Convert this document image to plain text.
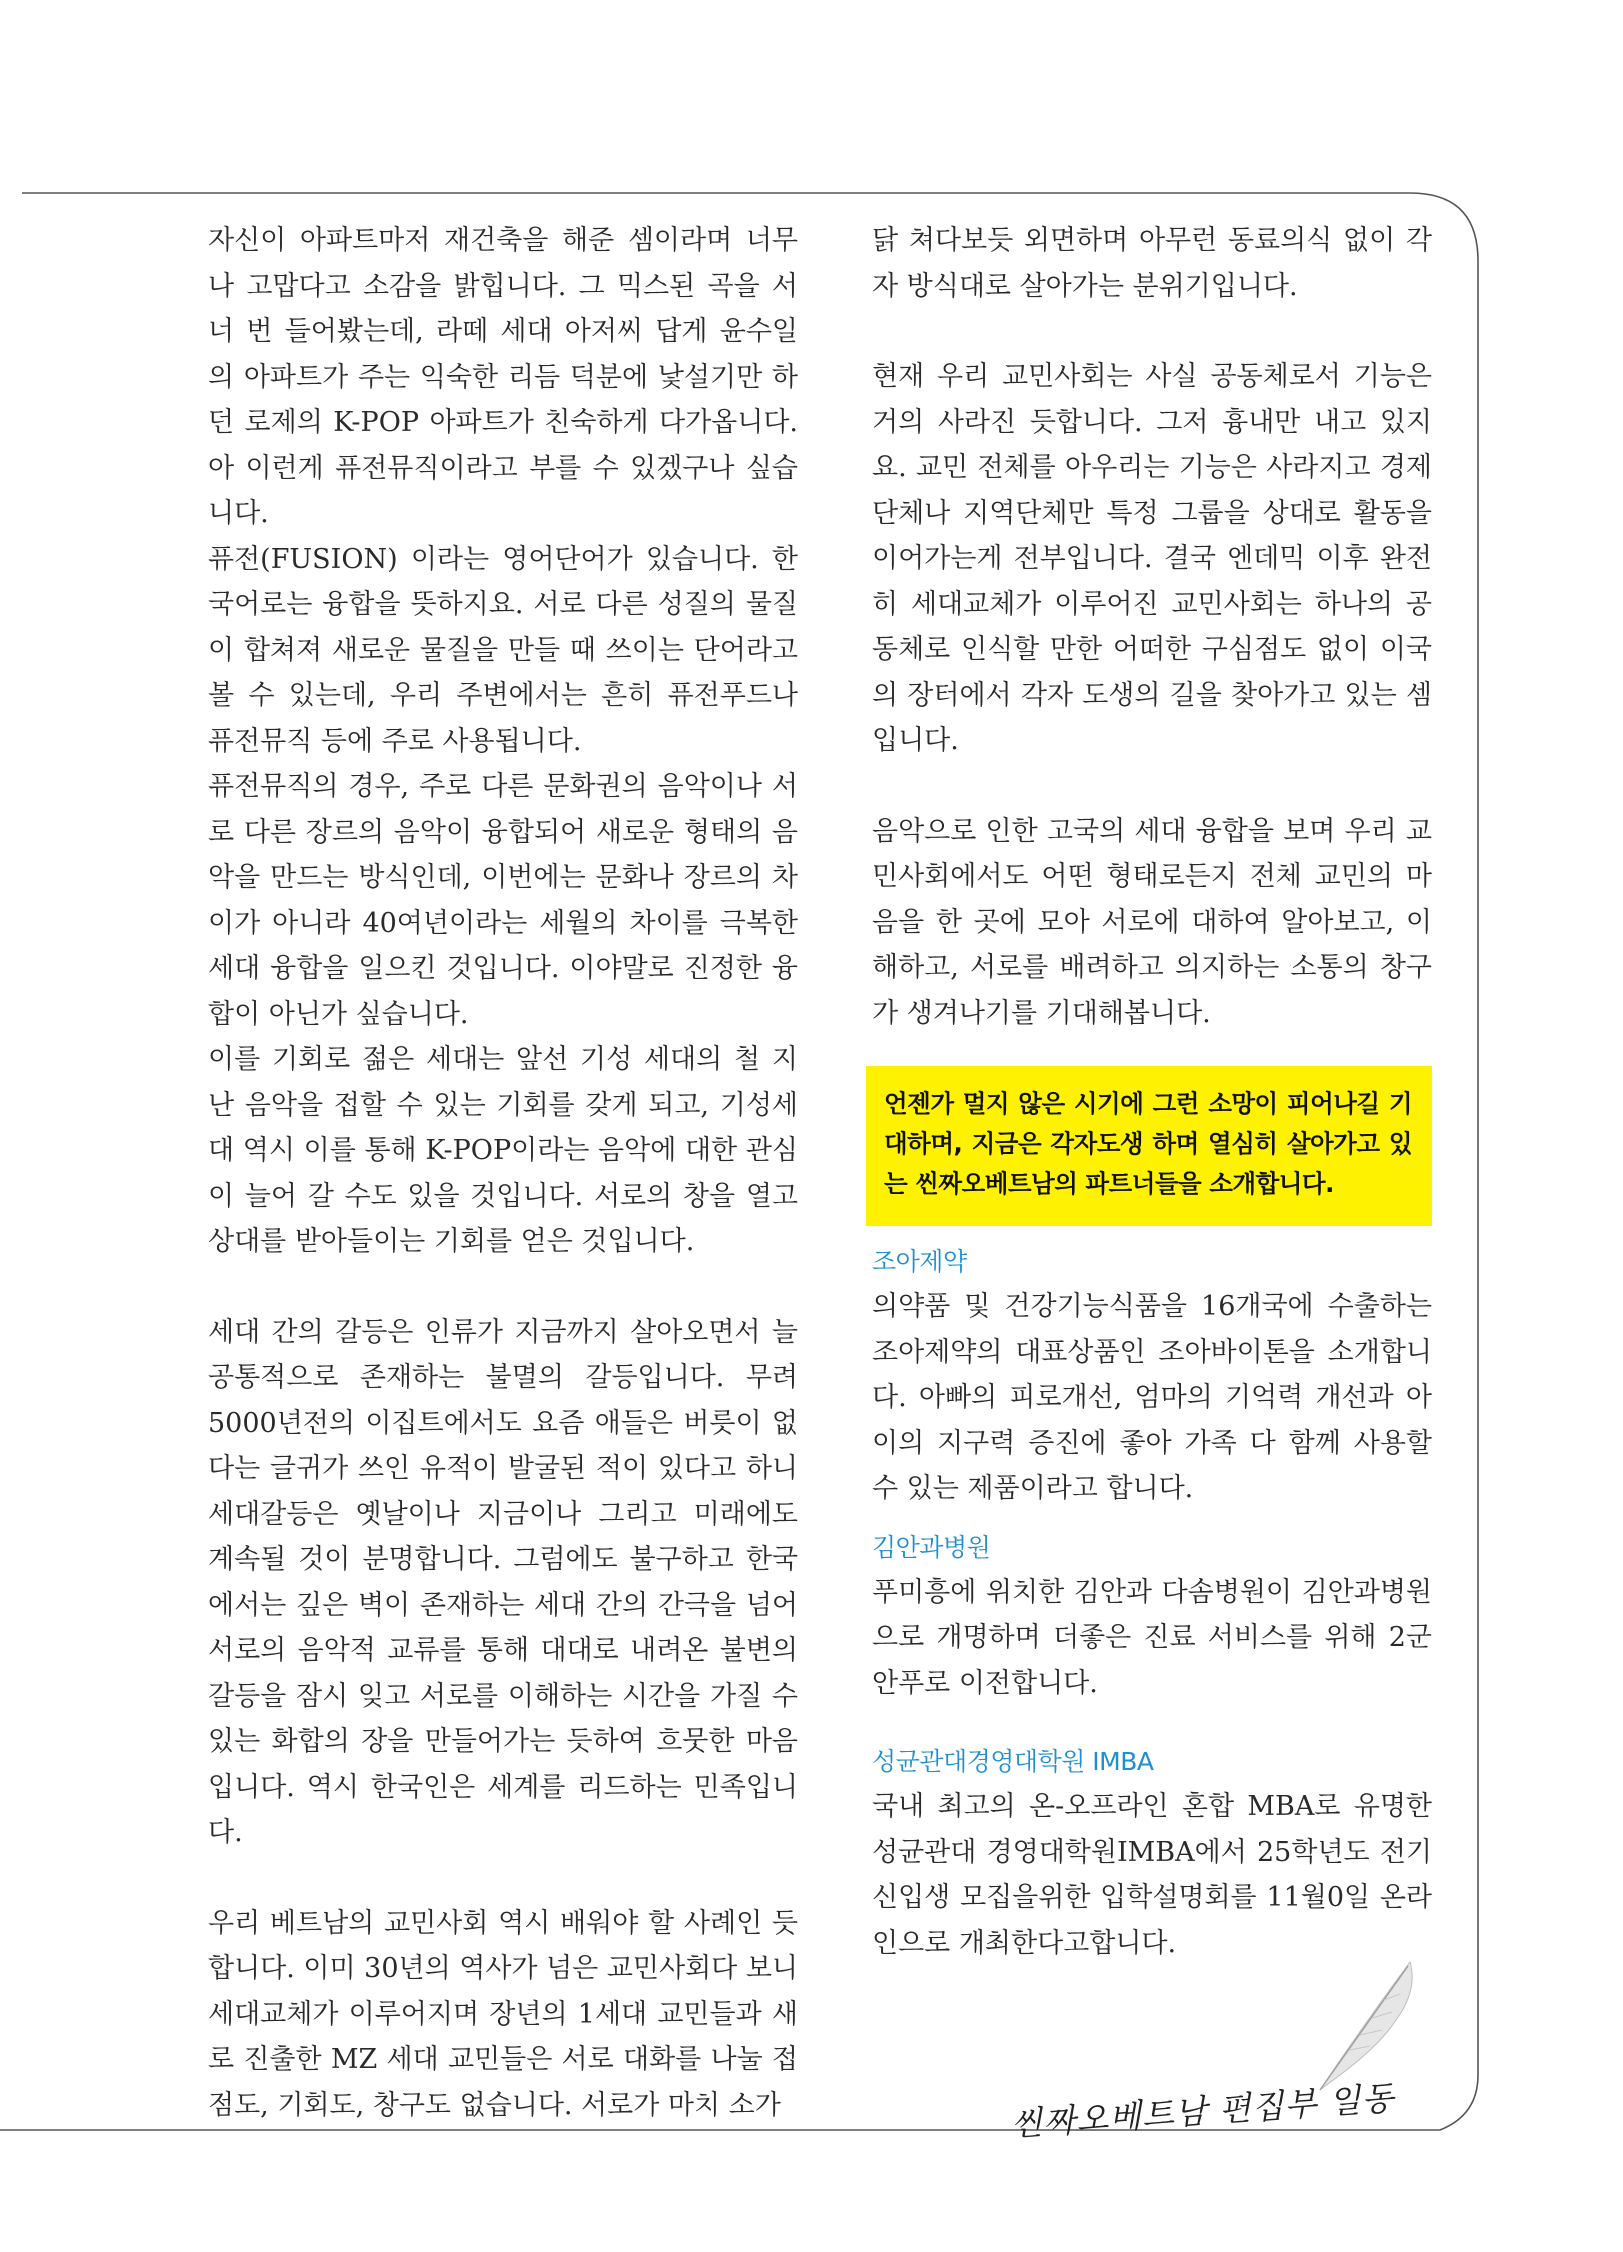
자신이 아파트마저 재건축을 해준 셈이라며 너무나 고맙다고 소감을 밝힙니다. 그 믹스된 곡을 서너 번 들어봤는데, 라떼 세대 아저씨 답게 윤수일의 아파트가 주는 익숙한 리듬 덕분에 낯설기만 하던 로제의 K-POP 아파트가 친숙하게 다가옵니다. 아 이런게 퓨전뮤직이라고 부를 수 있겠구나 싶습니다.

퓨전(FUSION) 이라는 영어단어가 있습니다. 한국어로는 융합을 뜻하지요. 서로 다른 성질의 물질이 합쳐져 새로운 물질을 만들 때 쓰이는 단어라고 볼 수 있는데, 우리 주변에서는 흔히 퓨전푸드나 퓨전뮤직 등에 주로 사용됩니다.

퓨전뮤직의 경우, 주로 다른 문화권의 음악이나 서로 다른 장르의 음악이 융합되어 새로운 형태의 음악을 만드는 방식인데, 이번에는 문화나 장르의 차이가 아니라 40여년이라는 세월의 차이를 극복한 세대 융합을 일으킨 것입니다. 이야말로 진정한 융합이 아닌가 싶습니다.

이를 기회로 젊은 세대는 앞선 기성 세대의 철 지난 음악을 접할 수 있는 기회를 갖게 되고, 기성세대 역시 이를 통해 K-POP이라는 음악에 대한 관심이 늘어 갈 수도 있을 것입니다. 서로의 창을 열고 상대를 받아들이는 기회를 얻은 것입니다.

세대 간의 갈등은 인류가 지금까지 살아오면서 늘 공통적으로 존재하는 불멸의 갈등입니다. 무려 5000년전의 이집트에서도 요즘 애들은 버릇이 없다는 글귀가 쓰인 유적이 발굴된 적이 있다고 하니 세대갈등은 옛날이나 지금이나 그리고 미래에도 계속될 것이 분명합니다. 그럼에도 불구하고 한국에서는 깊은 벽이 존재하는 세대 간의 간극을 넘어 서로의 음악적 교류를 통해 대대로 내려온 불변의 갈등을 잠시 잊고 서로를 이해하는 시간을 가질 수 있는 화합의 장을 만들어가는 듯하여 흐뭇한 마음입니다. 역시 한국인은 세계를 리드하는 민족입니다.

우리 베트남의 교민사회 역시 배워야 할 사례인 듯 합니다. 이미 30년의 역사가 넘은 교민사회다 보니 세대교체가 이루어지며 장년의 1세대 교민들과 새로 진출한 MZ 세대 교민들은 서로 대화를 나눌 접점도, 기회도, 창구도 없습니다. 서로가 마치 소가

닭 쳐다보듯 외면하며 아무런 동료의식 없이 각자 방식대로 살아가는 분위기입니다.

현재 우리 교민사회는 사실 공동체로서 기능은 거의 사라진 듯합니다. 그저 흉내만 내고 있지요. 교민 전체를 아우리는 기능은 사라지고 경제단체나 지역단체만 특정 그룹을 상대로 활동을 이어가는게 전부입니다. 결국 엔데믹 이후 완전히 세대교체가 이루어진 교민사회는 하나의 공동체로 인식할 만한 어떠한 구심점도 없이 이국의 장터에서 각자 도생의 길을 찾아가고 있는 셈입니다.

음악으로 인한 고국의 세대 융합을 보며 우리 교민사회에서도 어떤 형태로든지 전체 교민의 마음을 한 곳에 모아 서로에 대하여 알아보고, 이해하고, 서로를 배려하고 의지하는 소통의 창구가 생겨나기를 기대해봅니다.

언젠가 멀지 않은 시기에 그런 소망이 피어나길 기대하며, 지금은 각자도생 하며 열심히 살아가고 있는 씬짜오베트남의 파트너들을 소개합니다.
조아제약

의약품 및 건강기능식품을 16개국에 수출하는 조아제약의 대표상품인 조아바이톤을 소개합니다. 아빠의 피로개선, 엄마의 기억력 개선과 아이의 지구력 증진에 좋아 가족 다 함께 사용할 수 있는 제품이라고 합니다.

김안과병원

푸미흥에 위치한 김안과 다솜병원이 김안과병원으로 개명하며 더좋은 진료 서비스를 위해 2군 안푸로 이전합니다.

성균관대경영대학원 IMBA

국내 최고의 온-오프라인 혼합 MBA로 유명한성균관대 경영대학원IMBA에서 25학년도 전기신입생 모집을위한 입학설명회를 11월0일 온라인으로 개최한다고합니다.

씬짜오베트남 편집부 일동
